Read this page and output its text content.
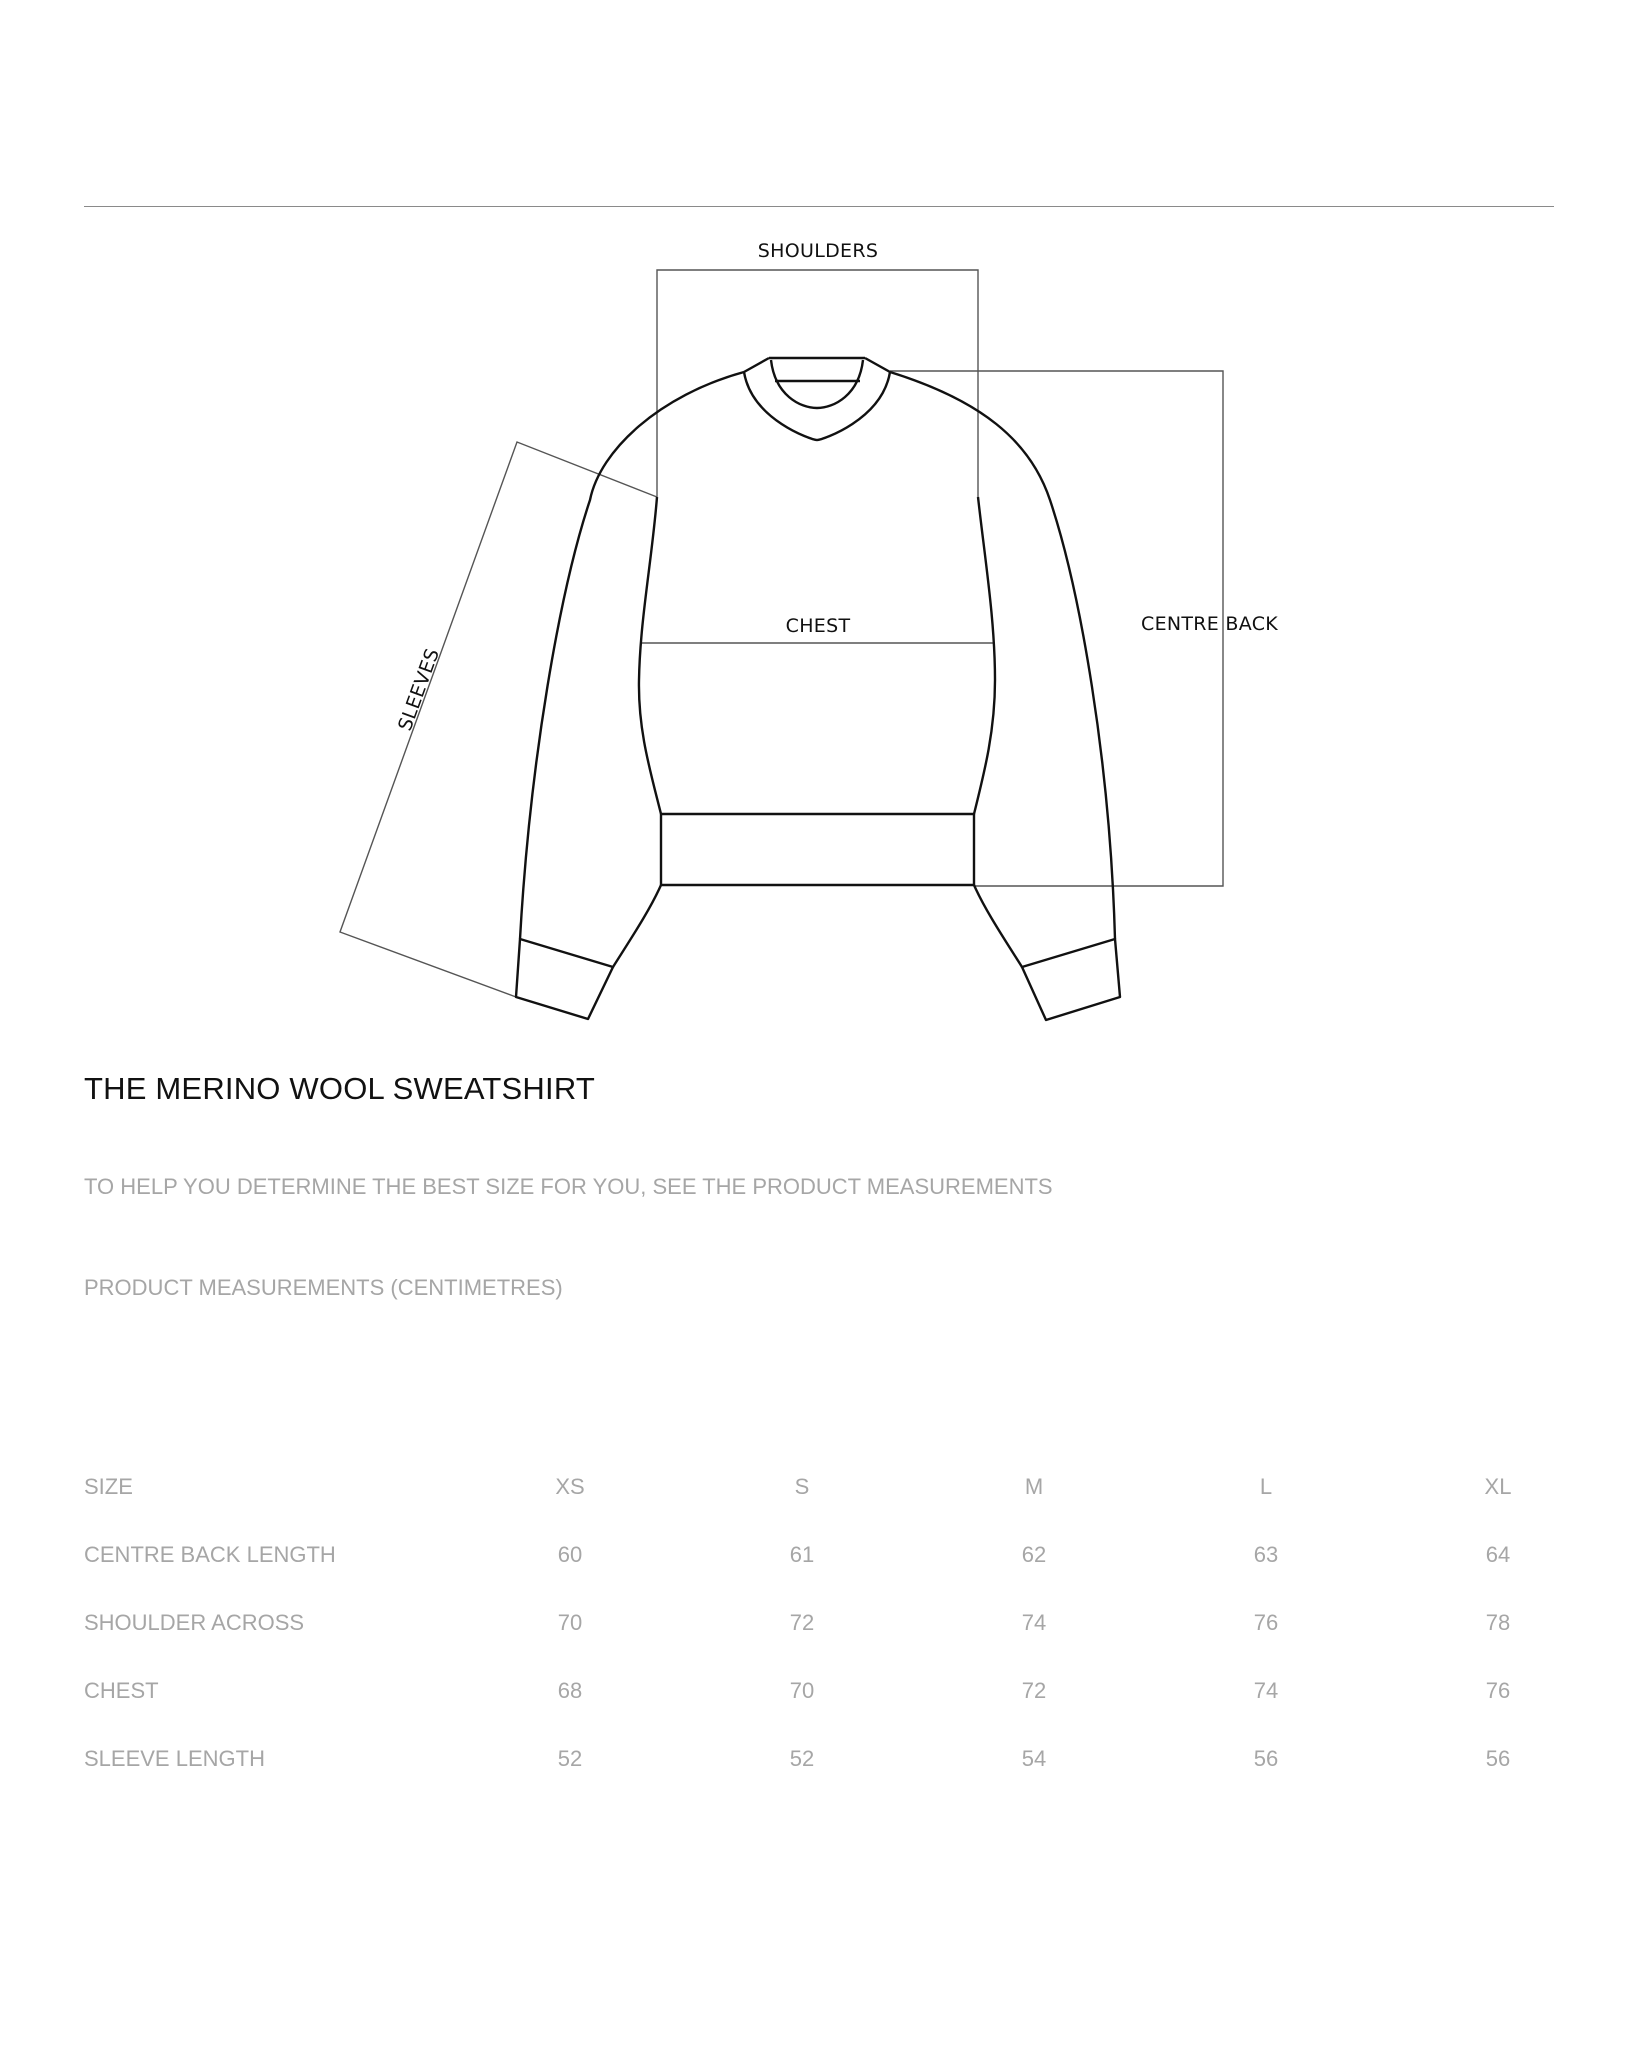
SHOULDERS
CHEST	CENTRE BACK
SLEEVES
THE MERINO WOOL SWEATSHIRT
TO HELP YOU DETERMINE THE BEST SIZE FOR YOU, SEE THE PRODUCT MEASUREMENTS
PRODUCT MEASUREMENTS (CENTIMETRES)
SIZE	XS	S	M	L	XL
CENTRE BACK LENGTH	60	61	62	63	64
SHOULDER ACROSS	70	72	74	76	78
CHEST	68	70	72	74	76
SLEEVE LENGTH	52	52	54	56	56
